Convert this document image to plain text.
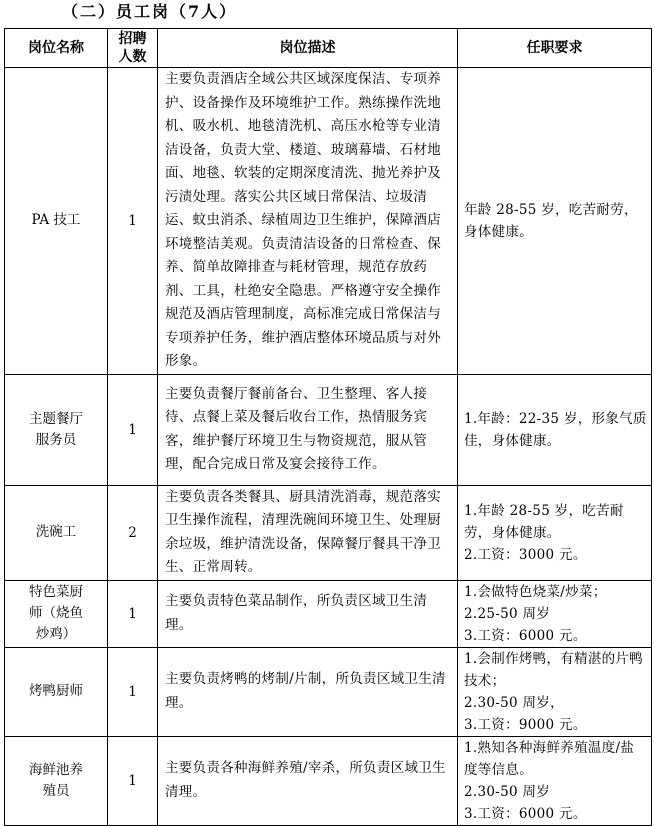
（二）员工岗（7人）
岗位名称	招聘人数	岗位描述	任职要求
PA 技工	1	主要负责酒店全域公共区域深度保洁、专项养护、设备操作及环境维护工作。熟练操作洗地机、吸水机、地毯清洗机、高压水枪等专业清洁设备，负责大堂、楼道、玻璃幕墙、石材地面、地毯、软装的定期深度清洗、抛光养护及污渍处理。落实公共区域日常保洁、垃圾清运、蚊虫消杀、绿植周边卫生维护，保障酒店环境整洁美观。负责清洁设备的日常检查、保养、简单故障排查与耗材管理，规范存放药剂、工具，杜绝安全隐患。严格遵守安全操作规范及酒店管理制度，高标准完成日常保洁与专项养护任务，维护酒店整体环境品质与对外形象。	年龄 28-55 岁，吃苦耐劳，身体健康。

主题餐厅服务员	1	主要负责餐厅餐前备台、卫生整理、客人接待、点餐上菜及餐后收台工作，热情服务宾客，维护餐厅环境卫生与物资规范，服从管理，配合完成日常及宴会接待工作。	1.年龄：22-35 岁，形象气质佳，身体健康。

洗碗工	2	主要负责各类餐具、厨具清洗消毒，规范落实卫生操作流程，清理洗碗间环境卫生、处理厨余垃圾，维护清洗设备，保障餐厅餐具干净卫生、正常周转。	1.年龄 28-55 岁，吃苦耐劳，身体健康。
2.工资：3000 元。

特色菜厨师（烧鱼炒鸡）	1	主要负责特色菜品制作，所负责区域卫生清理。	1.会做特色烧菜/炒菜；
2.25-50 周岁
3.工资：6000 元。

烤鸭厨师	1	主要负责烤鸭的烤制/片制，所负责区域卫生清理。	1.会制作烤鸭，有精湛的片鸭技术；
2.30-50 周岁，
3.工资：9000 元。

海鲜池养殖员	1	主要负责各种海鲜养殖/宰杀，所负责区域卫生清理。	1.熟知各种海鲜养殖温度/盐度等信息。
2.30-50 周岁
3.工资：6000 元。
